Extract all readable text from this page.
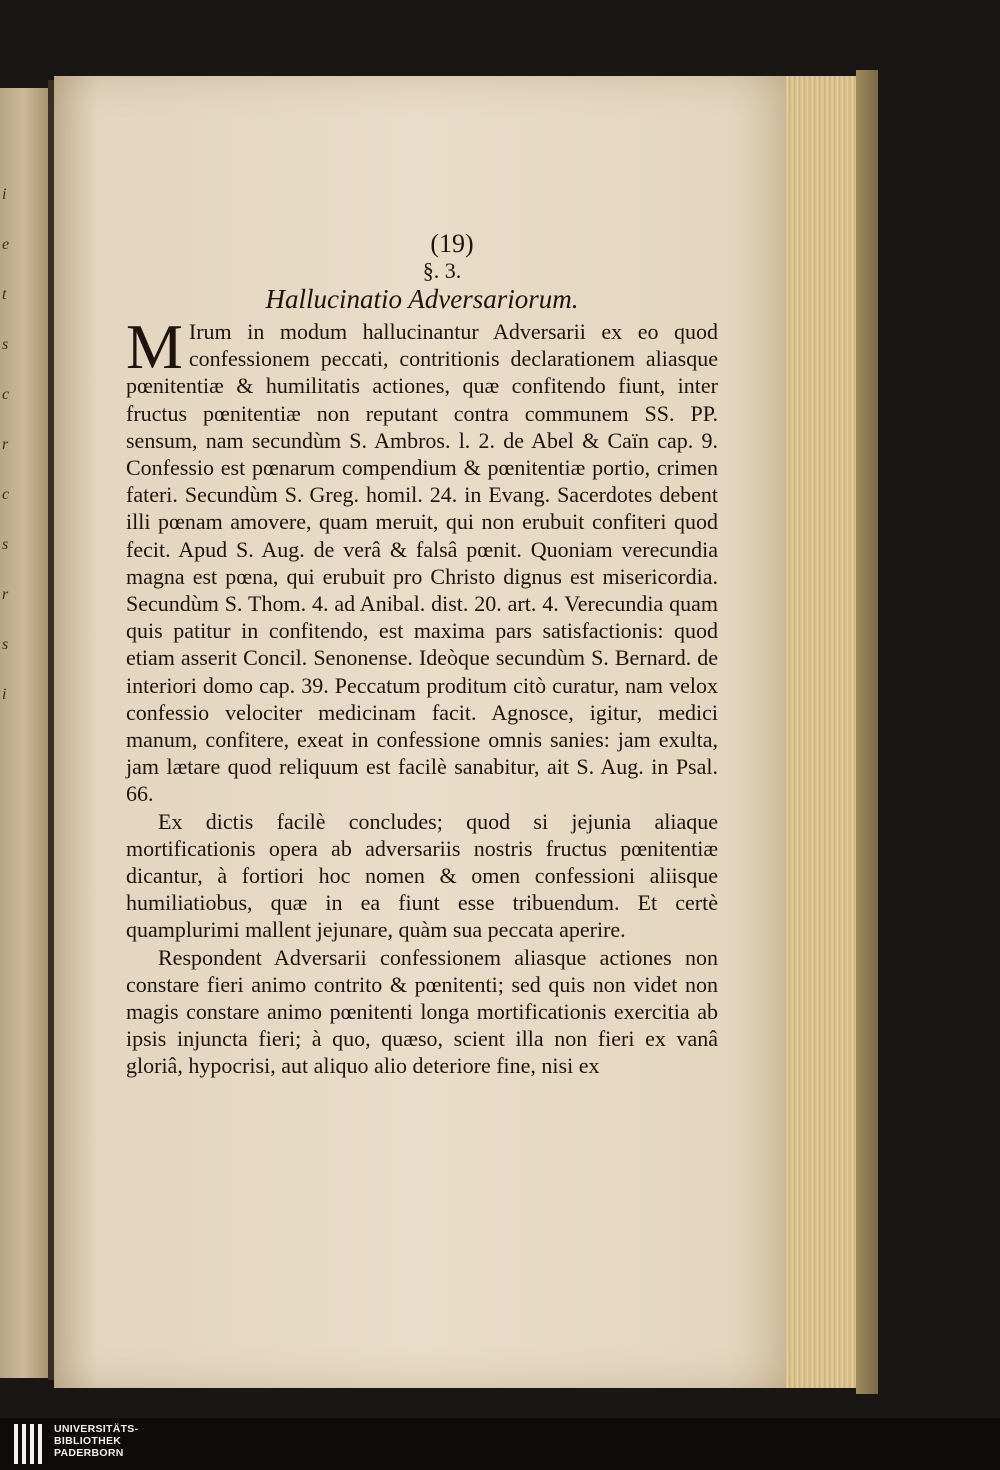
i
e
t
s
c
r
c
s
r
s
i
(19)
§. 3.
Hallucinatio Adversariorum.

M Irum in modum hallucinantur Adversarii ex eo quod confessionem peccati, contritionis declarationem aliasque pœnitentiæ & humilitatis actiones, quæ confitendo fiunt, inter fructus pœnitentiæ non reputant contra communem SS. PP. sensum, nam secundùm S. Ambros. l. 2. de Abel & Caïn cap. 9. Confessio est pœnarum compendium & pœnitentiæ portio, crimen fateri. Secundùm S. Greg. homil. 24. in Evang. Sacerdotes debent illi pœnam amovere, quam meruit, qui non erubuit confiteri quod fecit. Apud S. Aug. de verâ & falsâ pœnit. Quoniam verecundia magna est pœna, qui erubuit pro Christo dignus est misericordia. Secundùm S. Thom. 4. ad Anibal. dist. 20. art. 4. Verecundia quam quis patitur in confitendo, est maxima pars satisfactionis: quod etiam asserit Concil. Senonense. Ideòque secundùm S. Bernard. de interiori domo cap. 39. Peccatum proditum citò curatur, nam velox confessio velociter medicinam facit. Agnosce, igitur, medici manum, confitere, exeat in confessione omnis sanies: jam exulta, jam lætare quod reliquum est facilè sanabitur, ait S. Aug. in Psal. 66.

Ex dictis facilè concludes; quod si jejunia aliaque mortificationis opera ab adversariis nostris fructus pœnitentiæ dicantur, à fortiori hoc nomen & omen confessioni aliisque humiliatiobus, quæ in ea fiunt esse tribuendum. Et certè quamplurimi mallent jejunare, quàm sua peccata aperire.

Respondent Adversarii confessionem aliasque actiones non constare fieri animo contrito & pœnitenti; sed quis non videt non magis constare animo pœnitenti longa mortificationis exercitia ab ipsis injuncta fieri; à quo, quæso, scient illa non fieri ex vanâ gloriâ, hypocrisi, aut aliquo alio deteriore fine, nisi ex

UNIVERSITÄTS-
BIBLIOTHEK
PADERBORN
